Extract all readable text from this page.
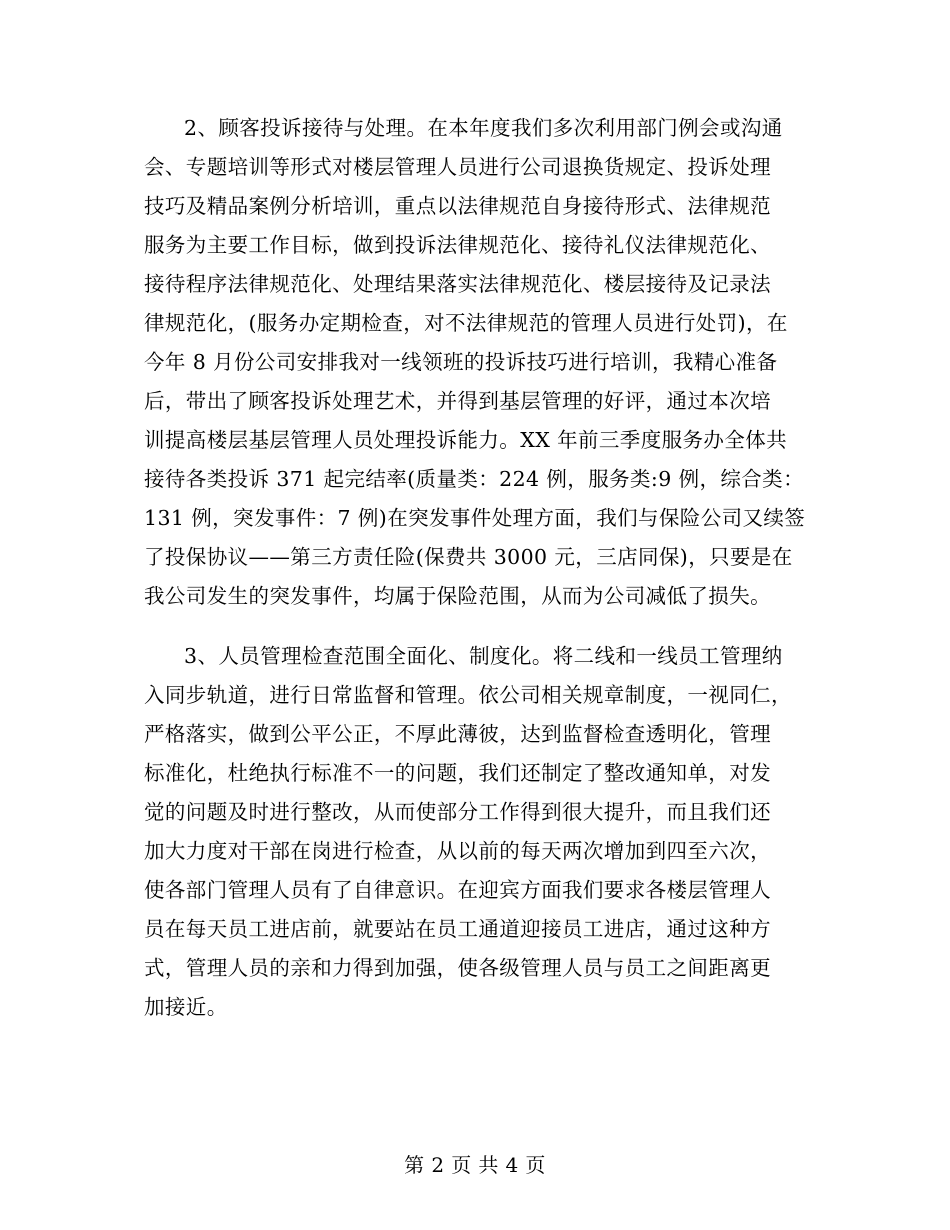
2、顾客投诉接待与处理。在本年度我们多次利用部门例会或沟通
会、专题培训等形式对楼层管理人员进行公司退换货规定、投诉处理
技巧及精品案例分析培训，重点以法律规范自身接待形式、法律规范
服务为主要工作目标，做到投诉法律规范化、接待礼仪法律规范化、
接待程序法律规范化、处理结果落实法律规范化、楼层接待及记录法
律规范化，(服务办定期检查，对不法律规范的管理人员进行处罚)，在
今年 8 月份公司安排我对一线领班的投诉技巧进行培训，我精心准备
后，带出了顾客投诉处理艺术，并得到基层管理的好评，通过本次培
训提高楼层基层管理人员处理投诉能力。XX 年前三季度服务办全体共
接待各类投诉 371 起完结率(质量类：224 例，服务类:9 例，综合类：
131 例，突发事件：7 例)在突发事件处理方面，我们与保险公司又续签
了投保协议——第三方责任险(保费共 3000 元，三店同保)，只要是在
我公司发生的突发事件，均属于保险范围，从而为公司减低了损失。
3、人员管理检查范围全面化、制度化。将二线和一线员工管理纳
入同步轨道，进行日常监督和管理。依公司相关规章制度，一视同仁，
严格落实，做到公平公正，不厚此薄彼，达到监督检查透明化，管理
标准化，杜绝执行标准不一的问题，我们还制定了整改通知单，对发
觉的问题及时进行整改，从而使部分工作得到很大提升，而且我们还
加大力度对干部在岗进行检查，从以前的每天两次增加到四至六次，
使各部门管理人员有了自律意识。在迎宾方面我们要求各楼层管理人
员在每天员工进店前，就要站在员工通道迎接员工进店，通过这种方
式，管理人员的亲和力得到加强，使各级管理人员与员工之间距离更
加接近。
第 2 页 共 4 页
